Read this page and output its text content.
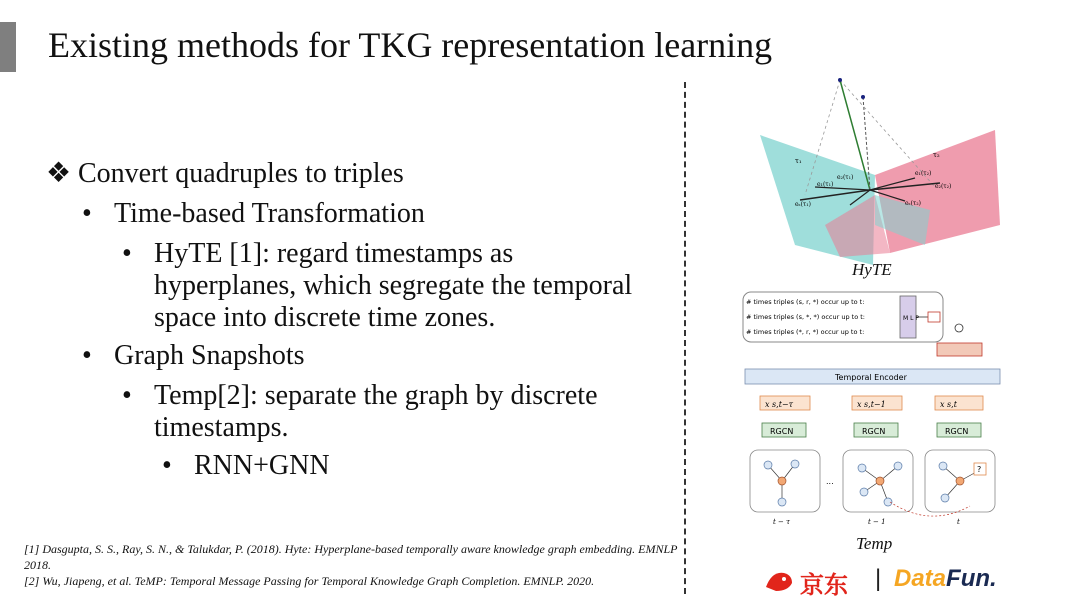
Existing methods for TKG representation learning
❖ Convert quadruples to triples
• Time-based Transformation
• HyTE [1]: regard timestamps as hyperplanes, which segregate the temporal space into discrete time zones.
• Graph Snapshots
• Temp[2]: separate the graph by discrete timestamps.
• RNN+GNN
[1] Dasgupta, S. S., Ray, S. N., & Talukdar, P. (2018). Hyte: Hyperplane-based temporally aware knowledge graph embedding. EMNLP 2018.
[2] Wu, Jiapeng, et al. TeMP: Temporal Message Passing for Temporal Knowledge Graph Completion. EMNLP. 2020.
e₁(τ₁)
e₂(τ₁)
eₛ(τ₁)
e₁(τ₂)
e₂(τ₂)
eₛ(τ₂)
τ₁
τ₂
HyTE
# times triples (s, r, *) occur up to t:
# times triples (s, *, *) occur up to t:
# times triples (*, r, *) occur up to t:
M L P
Temporal Encoder
x s,t−τ	x s,t−1	x s,t
RGCN	RGCN	RGCN
?
...
t − τ	t − 1	t
Temp
京东 | DataFun.
